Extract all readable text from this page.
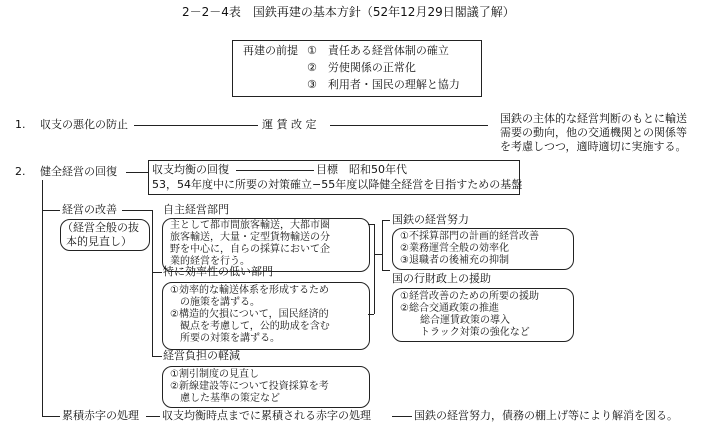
2－2－4表　国鉄再建の基本方針（52年12月29日閣議了解）
再建の前提 ①　責任ある経営体制の確立
②　労使関係の正常化
③　利用者・国民の理解と協力
1. 収支の悪化の防止	運 賃 改 定	国鉄の主体的な経営判断のもとに輸送
需要の動向，他の交通機関との関係等
を考慮しつつ，適時適切に実施する。
2. 健全経営の回復	収支均衡の回復	目標　昭和50年代
53，54年度中に所要の対策確立−55年度以降健全経営を目指すための基盤
経営の改善
（経営全般の抜
本的見直し）
自主経営部門
主として都市間旅客輸送，大都市圏
旅客輸送，大量・定型貨物輸送の分
野を中心に，自らの採算において企
業的経営を行う。
特に効率性の低い部門
①効率的な輸送体系を形成するため
の施策を講ずる。
②構造的欠損について，国民経済的
観点を考慮して，公的助成を含む
所要の対策を講ずる。
経営負担の軽減
①割引制度の見直し
②新線建設等について投資採算を考
慮した基準の策定など
国鉄の経営努力
①不採算部門の計画的経営改善
②業務運営全般の効率化
③退職者の後補充の抑制
国の行財政上の援助
①経営改善のための所要の援助
②総合交通政策の推進
総合運賃政策の導入
トラック対策の強化など
累積赤字の処理 収支均衡時点までに累積される赤字の処理	国鉄の経営努力，債務の棚上げ等により解消を図る。
